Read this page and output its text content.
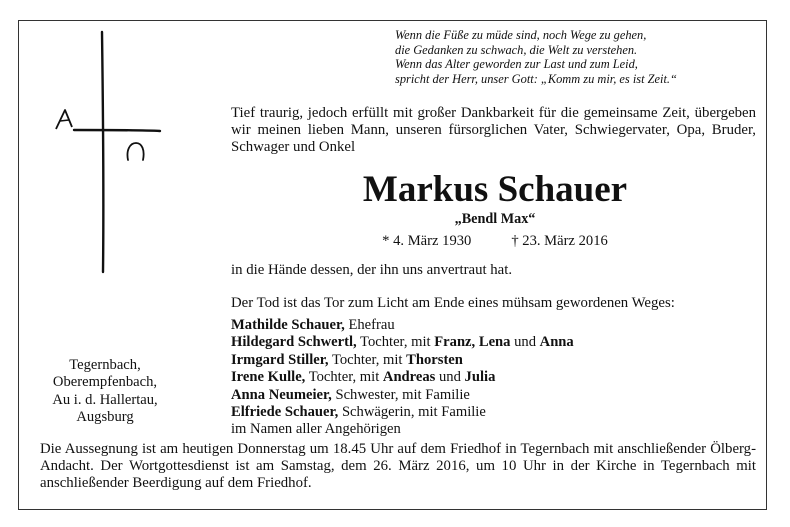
Wenn die Füße zu müde sind, noch Wege zu gehen,
die Gedanken zu schwach, die Welt zu verstehen.
Wenn das Alter geworden zur Last und zum Leid,
spricht der Herr, unser Gott: „Komm zu mir, es ist Zeit.“
Tief traurig, jedoch erfüllt mit großer Dankbarkeit für die gemeinsame Zeit, übergeben wir meinen lieben Mann, unseren fürsorglichen Vater, Schwiegervater, Opa, Bruder, Schwager und Onkel
Markus Schauer
„Bendl Max“
* 4. März 1930	† 23. März 2016
in die Hände dessen, der ihn uns anvertraut hat.
Der Tod ist das Tor zum Licht am Ende eines mühsam gewordenen Weges:
Mathilde Schauer, Ehefrau
Hildegard Schwertl, Tochter, mit Franz, Lena und Anna
Irmgard Stiller, Tochter, mit Thorsten
Irene Kulle, Tochter, mit Andreas und Julia
Anna Neumeier, Schwester, mit Familie
Elfriede Schauer, Schwägerin, mit Familie
im Namen aller Angehörigen
Tegernbach,
Oberempfenbach,
Au i. d. Hallertau,
Augsburg
Die Aussegnung ist am heutigen Donnerstag um 18.45 Uhr auf dem Friedhof in Tegernbach mit anschließender Ölberg-Andacht. Der Wortgottesdienst ist am Samstag, dem 26. März 2016, um 10 Uhr in der Kirche in Tegernbach mit anschließender Beerdigung auf dem Friedhof.
